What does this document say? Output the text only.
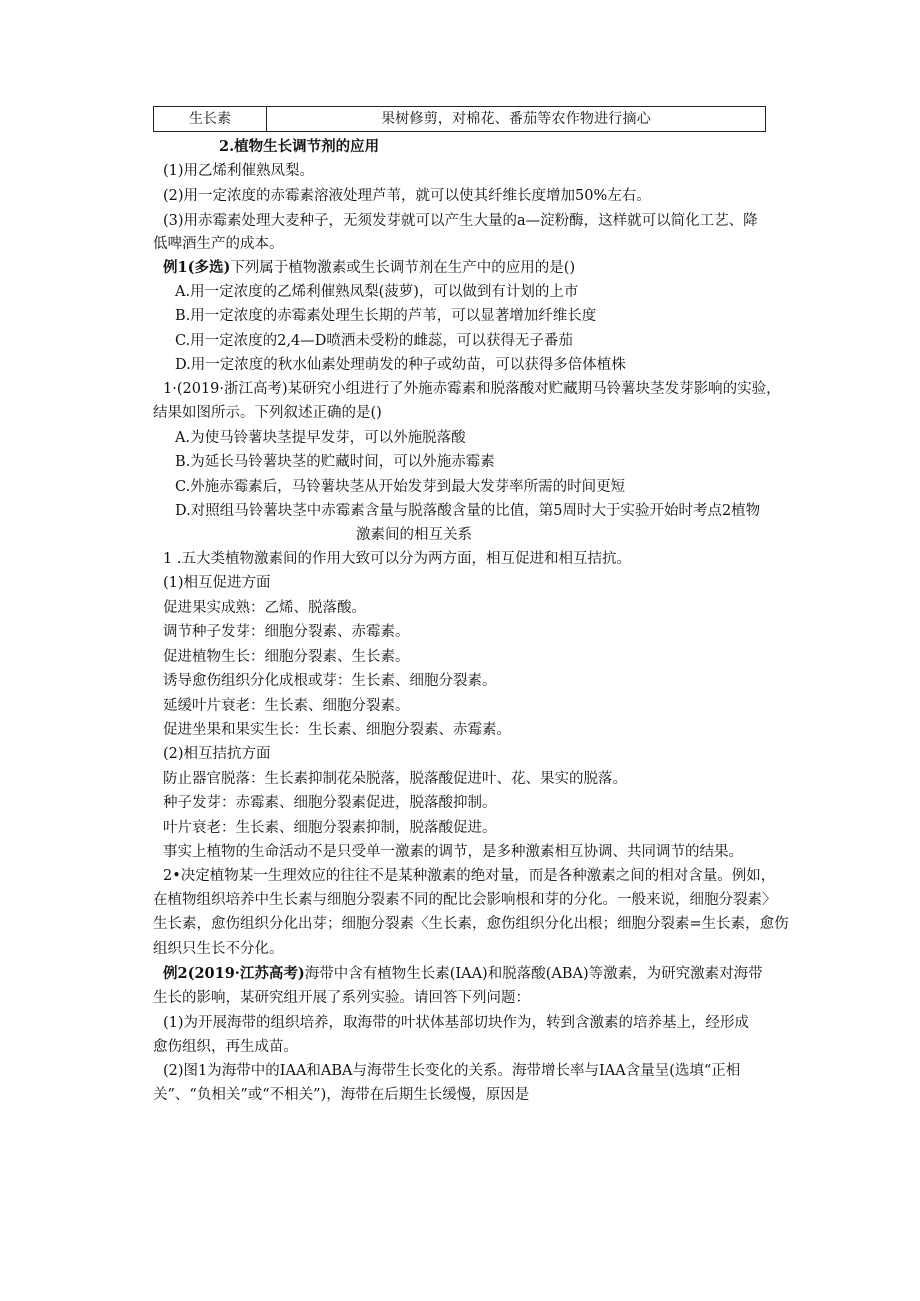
生长素	果树修剪，对棉花、番茄等农作物进行摘心
2.植物生长调节剂的应用
(1)用乙烯利催熟凤梨。
(2)用一定浓度的赤霉素溶液处理芦苇，就可以使其纤维长度增加50%左右。
(3)用赤霉素处理大麦种子，无须发芽就可以产生大量的a—淀粉酶，这样就可以简化工艺、降
低啤酒生产的成本。
例1(多选)下列属于植物激素或生长调节剂在生产中的应用的是()
A.用一定浓度的乙烯利催熟凤梨(菠萝)，可以做到有计划的上市
B.用一定浓度的赤霉素处理生长期的芦苇，可以显著增加纤维长度
C.用一定浓度的2,4—D喷洒未受粉的雌蕊，可以获得无子番茄
D.用一定浓度的秋水仙素处理萌发的种子或幼苗，可以获得多倍体植株
1·(2019·浙江高考)某研究小组进行了外施赤霉素和脱落酸对贮藏期马铃薯块茎发芽影响的实验，
结果如图所示。下列叙述正确的是()
A.为使马铃薯块茎提早发芽，可以外施脱落酸
B.为延长马铃薯块茎的贮藏时间，可以外施赤霉素
C.外施赤霉素后，马铃薯块茎从开始发芽到最大发芽率所需的时间更短
D.对照组马铃薯块茎中赤霉素含量与脱落酸含量的比值，第5周时大于实验开始时考点2植物
激素间的相互关系
1 .五大类植物激素间的作用大致可以分为两方面，相互促进和相互拮抗。
(1)相互促进方面
促进果实成熟：乙烯、脱落酸。
调节种子发芽：细胞分裂素、赤霉素。
促进植物生长：细胞分裂素、生长素。
诱导愈伤组织分化成根或芽：生长素、细胞分裂素。
延缓叶片衰老：生长素、细胞分裂素。
促进坐果和果实生长：生长素、细胞分裂素、赤霉素。
(2)相互拮抗方面
防止器官脱落：生长素抑制花朵脱落，脱落酸促进叶、花、果实的脱落。
种子发芽：赤霉素、细胞分裂素促进，脱落酸抑制。
叶片衰老：生长素、细胞分裂素抑制，脱落酸促进。
事实上植物的生命活动不是只受单一激素的调节，是多种激素相互协调、共同调节的结果。
2•决定植物某一生理效应的往往不是某种激素的绝对量，而是各种激素之间的相对含量。例如，
在植物组织培养中生长素与细胞分裂素不同的配比会影响根和芽的分化。一般来说，细胞分裂素〉
生长素，愈伤组织分化出芽；细胞分裂素〈生长素，愈伤组织分化出根；细胞分裂素=生长素，愈伤
组织只生长不分化。
例2(2019·江苏高考)海带中含有植物生长素(IAA)和脱落酸(ABA)等激素，为研究激素对海带
生长的影响，某研究组开展了系列实验。请回答下列问题：
(1)为开展海带的组织培养，取海带的叶状体基部切块作为，转到含激素的培养基上，经形成
愈伤组织，再生成苗。
(2)图1为海带中的IAA和ABA与海带生长变化的关系。海带增长率与IAA含量呈(选填“正相
关”、“负相关”或“不相关”)，海带在后期生长缓慢，原因是
